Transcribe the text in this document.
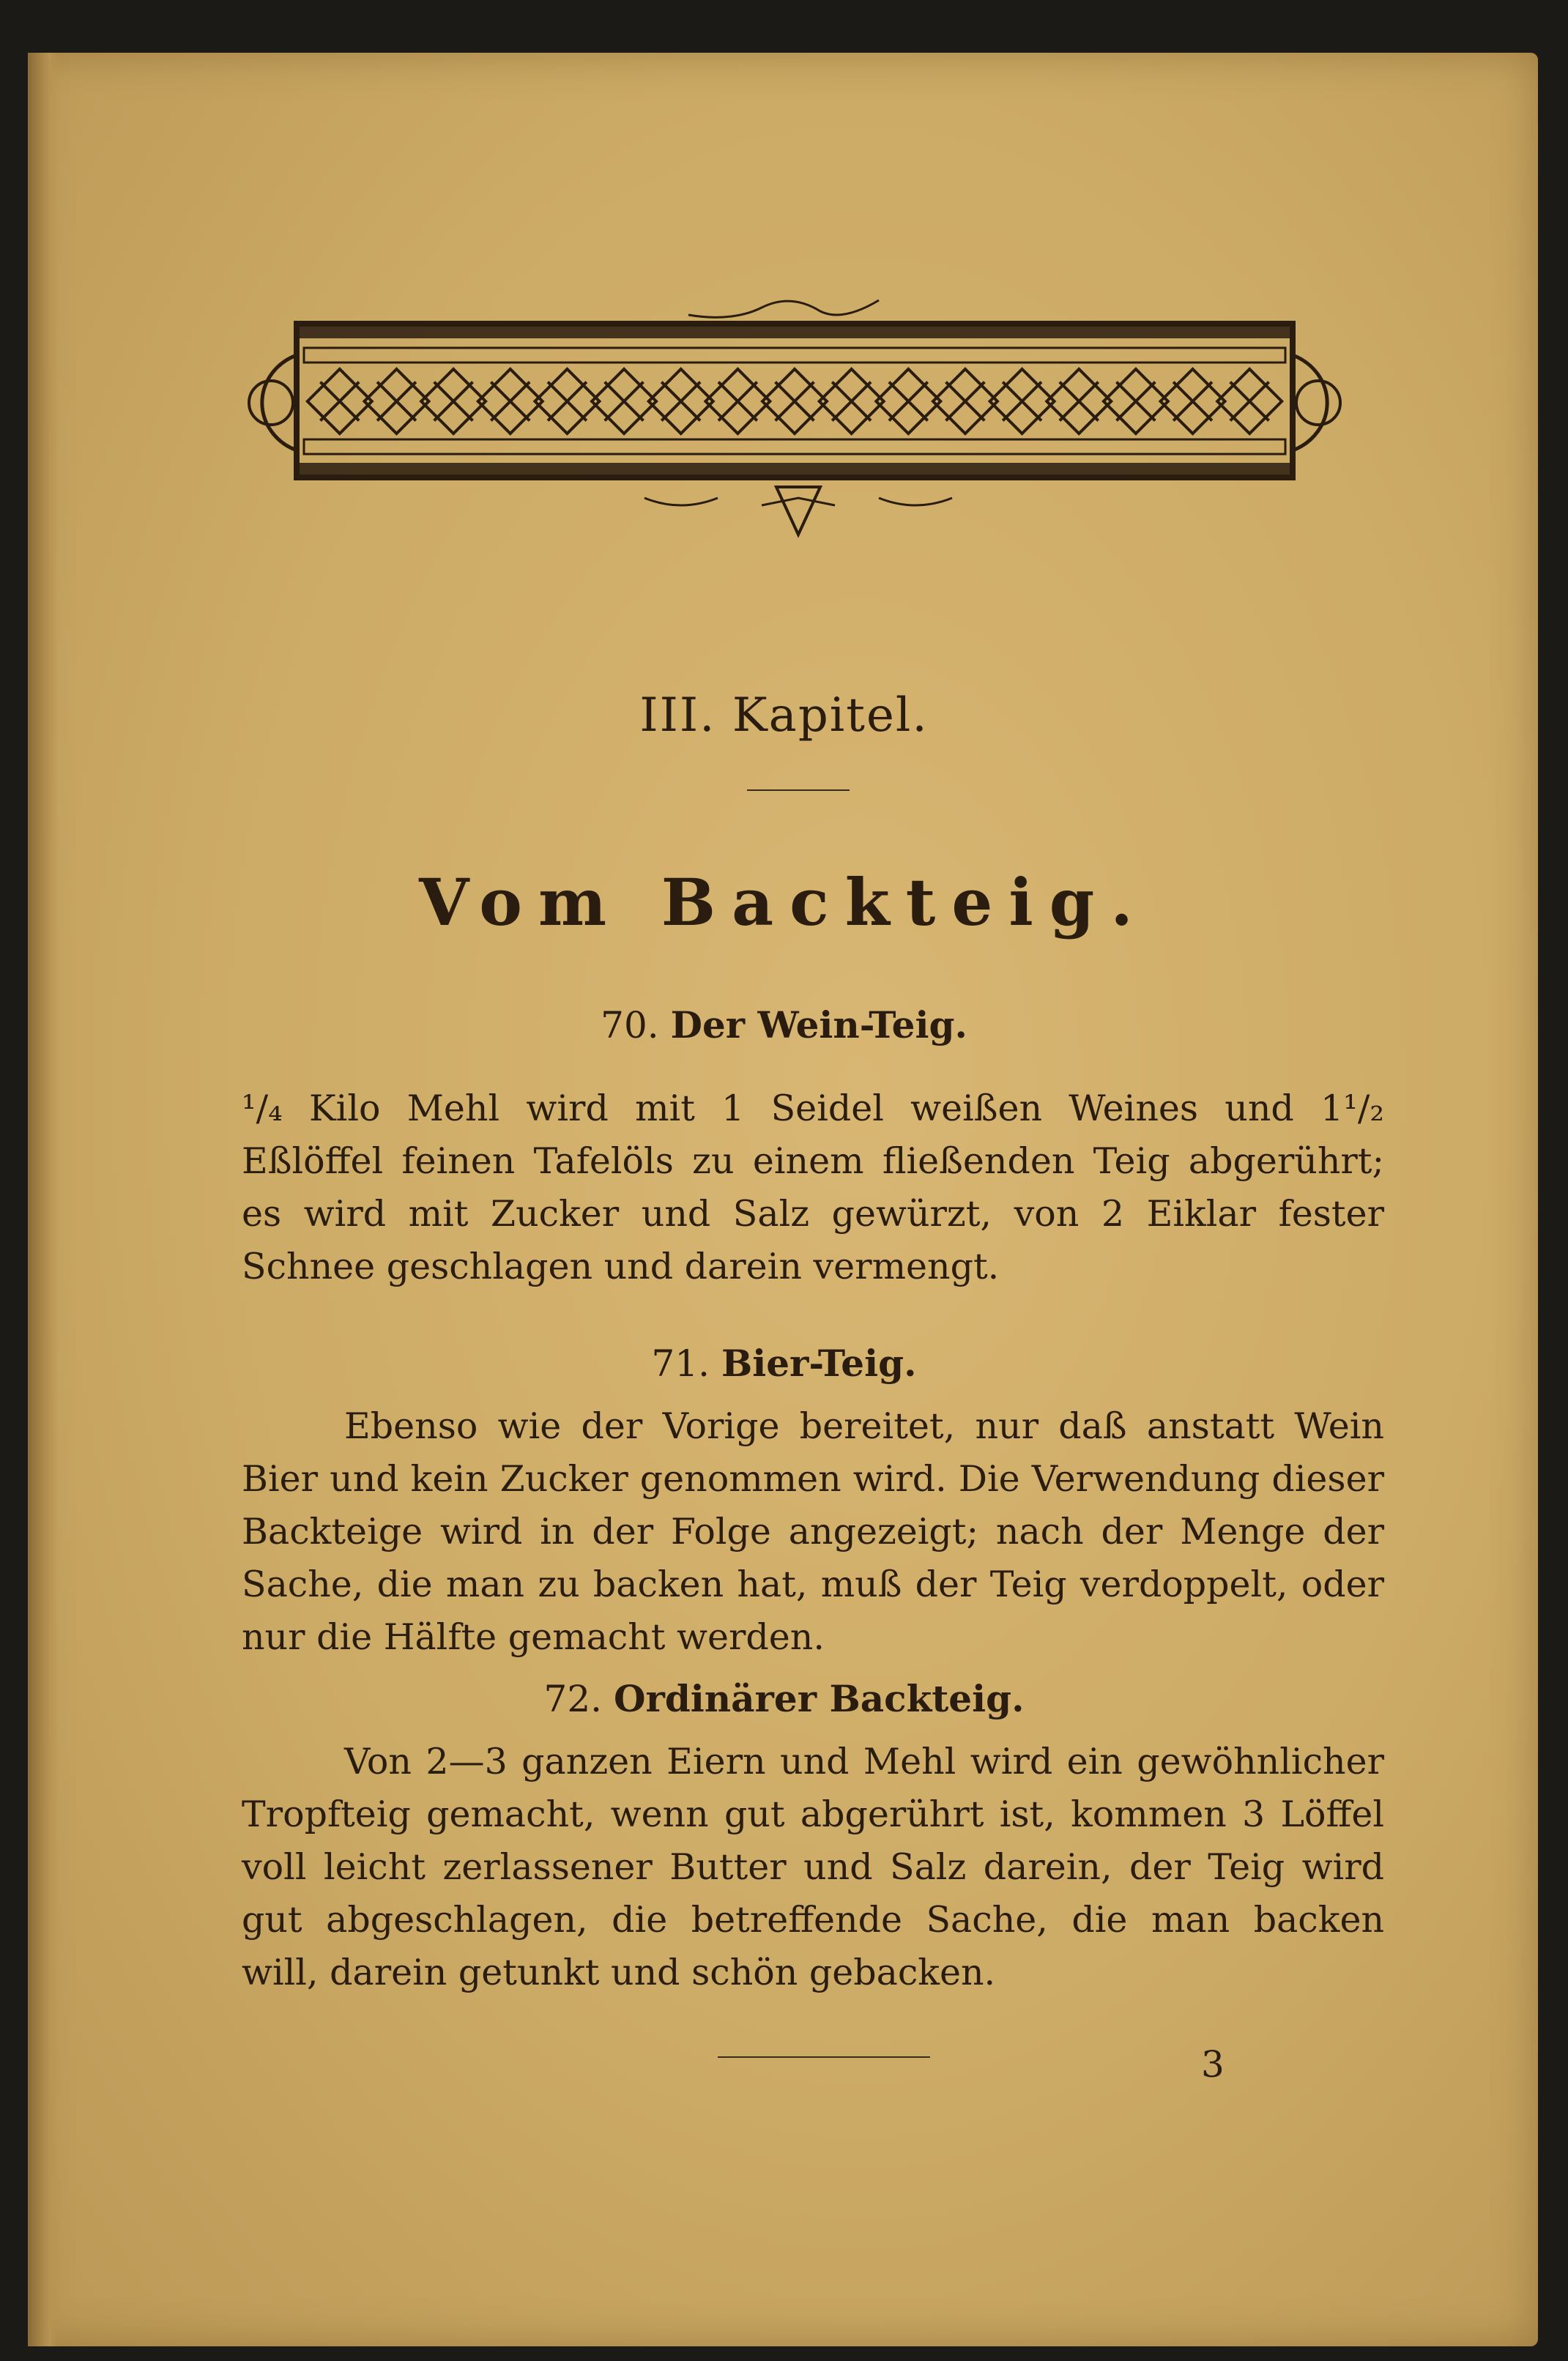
III. Kapitel.
Vom Backteig.
70. Der Wein-Teig.
¹/₄ Kilo Mehl wird mit 1 Seidel weißen Weines und 1¹/₂ Eßlöffel feinen Tafelöls zu einem fließenden Teig abgerührt; es wird mit Zucker und Salz gewürzt, von 2 Eiklar fester Schnee geschlagen und darein vermengt.
71. Bier-Teig.
Ebenso wie der Vorige bereitet, nur daß anstatt Wein Bier und kein Zucker genommen wird. Die Verwendung dieser Backteige wird in der Folge angezeigt; nach der Menge der Sache, die man zu backen hat, muß der Teig verdoppelt, oder nur die Hälfte gemacht werden.
72. Ordinärer Backteig.
Von 2—3 ganzen Eiern und Mehl wird ein gewöhnlicher Tropfteig gemacht, wenn gut abgerührt ist, kommen 3 Löffel voll leicht zerlassener Butter und Salz darein, der Teig wird gut abgeschlagen, die betreffende Sache, die man backen will, darein getunkt und schön gebacken.
3
